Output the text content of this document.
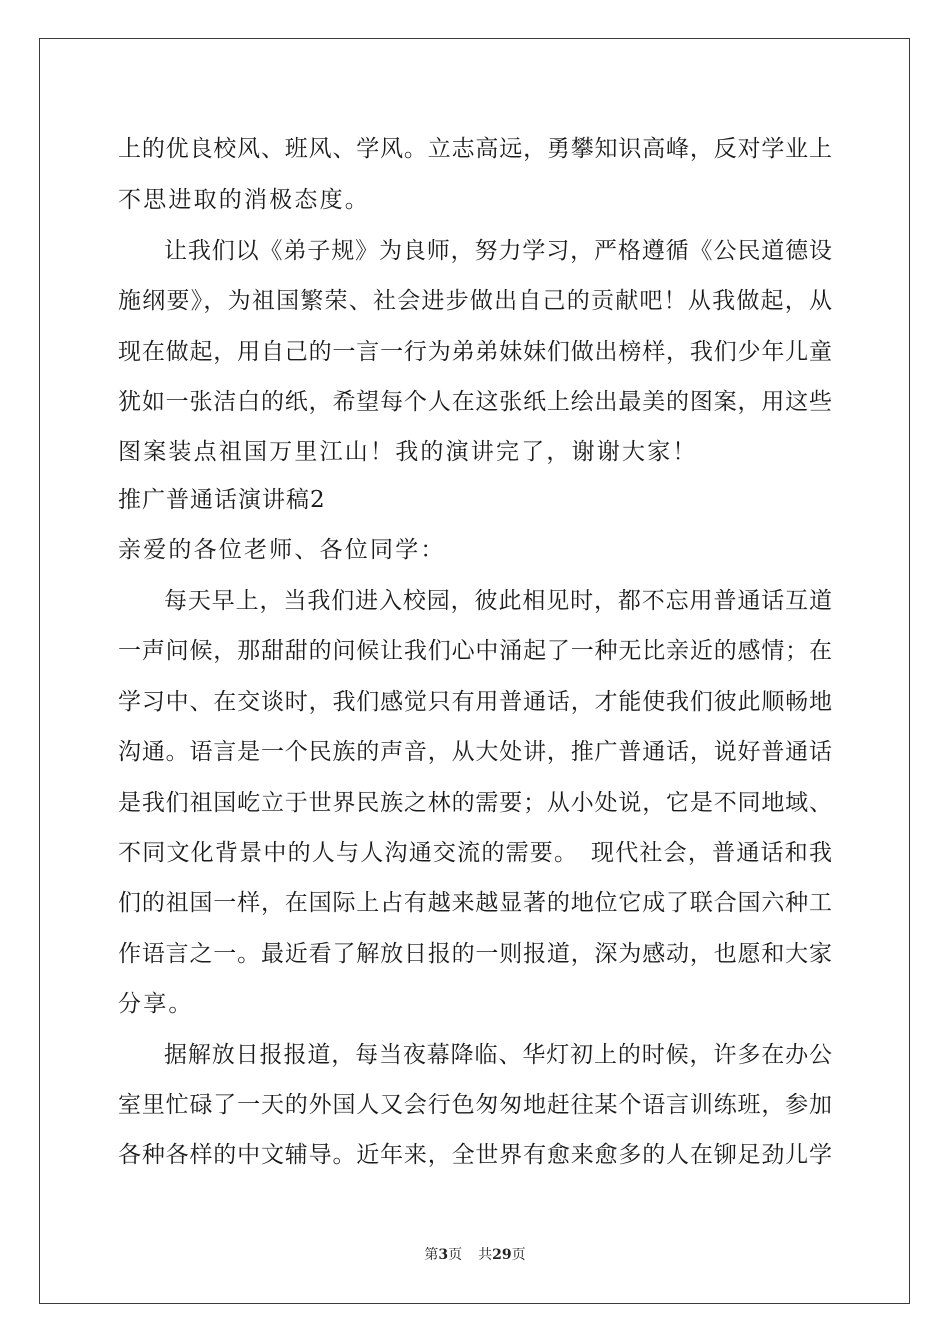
上的优良校风、班风、学风。立志高远，勇攀知识高峰，反对学业上
不思进取的消极态度。
让我们以《弟子规》为良师，努力学习，严格遵循《公民道德设
施纲要》，为祖国繁荣、社会进步做出自己的贡献吧！从我做起，从
现在做起，用自己的一言一行为弟弟妹妹们做出榜样，我们少年儿童
犹如一张洁白的纸，希望每个人在这张纸上绘出最美的图案，用这些
图案装点祖国万里江山！我的演讲完了，谢谢大家！
推广普通话演讲稿2
亲爱的各位老师、各位同学：
每天早上，当我们进入校园，彼此相见时，都不忘用普通话互道
一声问候，那甜甜的问候让我们心中涌起了一种无比亲近的感情；在
学习中、在交谈时，我们感觉只有用普通话，才能使我们彼此顺畅地
沟通。语言是一个民族的声音，从大处讲，推广普通话，说好普通话
是我们祖国屹立于世界民族之林的需要；从小处说，它是不同地域、
不同文化背景中的人与人沟通交流的需要。　现代社会，普通话和我
们的祖国一样，在国际上占有越来越显著的地位它成了联合国六种工
作语言之一。最近看了解放日报的一则报道，深为感动，也愿和大家
分享。
据解放日报报道，每当夜幕降临、华灯初上的时候，许多在办公
室里忙碌了一天的外国人又会行色匆匆地赶往某个语言训练班，参加
各种各样的中文辅导。近年来，全世界有愈来愈多的人在铆足劲儿学
第3页 共29页
